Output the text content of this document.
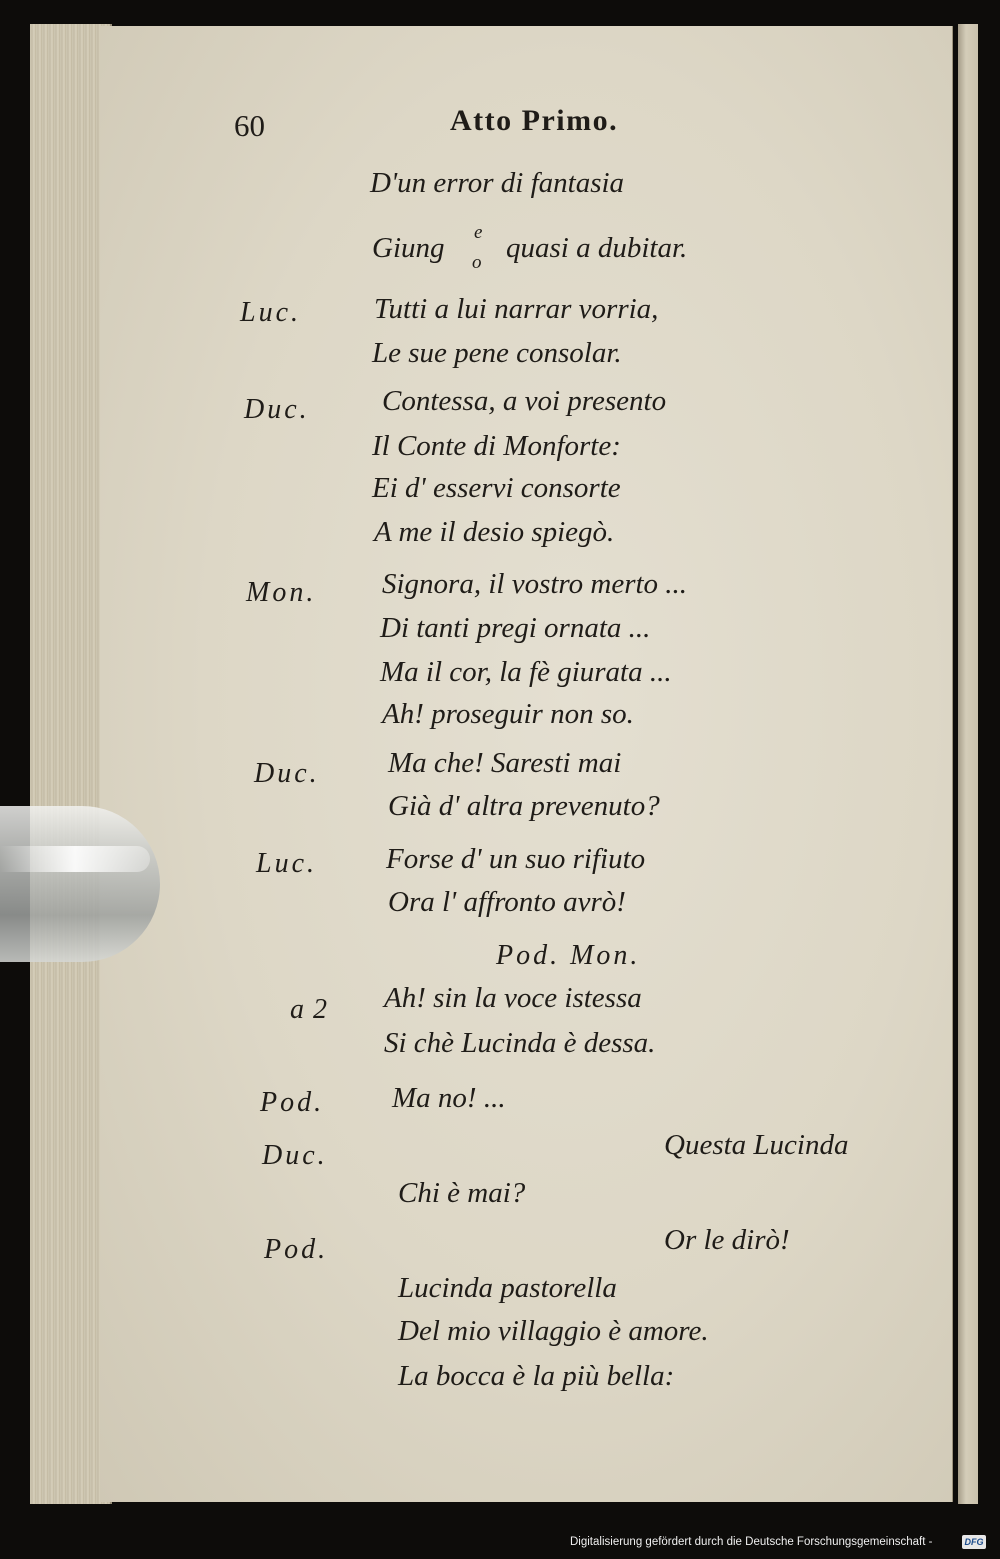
60	Atto Primo.
D'un error di fantasia
Giung e
o quasi a dubitar.
Luc.	Tutti a lui narrar vorria,
Le sue pene consolar.
Duc. Contessa, a voi presento
Il Conte di Monforte:
Ei d' esservi consorte
A me il desio spiegò.
Mon. Signora, il vostro merto ...
Di tanti pregi ornata ...
Ma il cor, la fè giurata ...
Ah! proseguir non so.
Duc. Ma che! Saresti mai
Già d' altra prevenuto?
Luc. Forse d' un suo rifiuto
Ora l' affronto avrò!
Pod. Mon.
a 2 Ah! sin la voce istessa
Si chè Lucinda è dessa.
Pod. Ma no! ...
Duc.	Questa Lucinda
Chi è mai?
Pod.	Or le dirò!
Lucinda pastorella
Del mio villaggio è amore.
La bocca è la più bella:
Digitalisierung gefördert durch die Deutsche Forschungsgemeinschaft -	DFG
